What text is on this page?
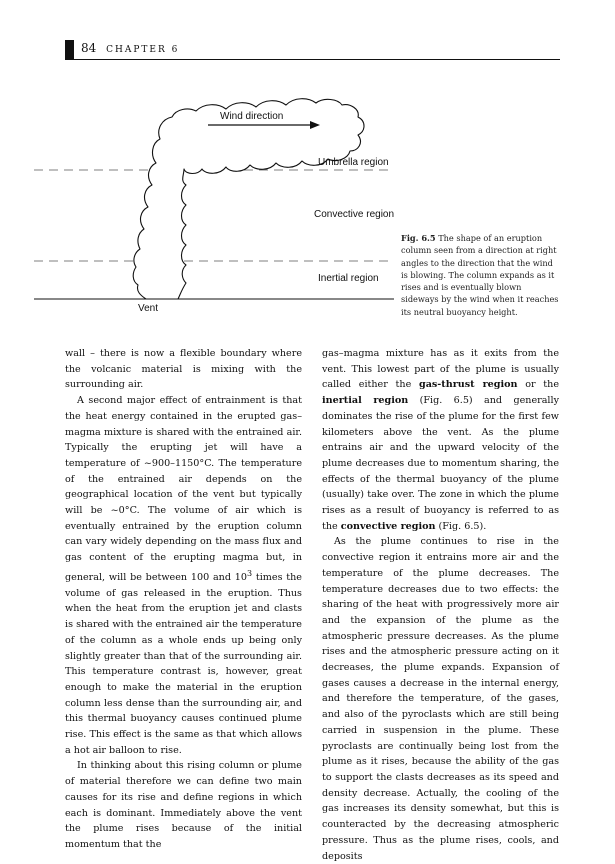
84 CHAPTER 6
Wind direction
Umbrella region
Convective region
Inertial region
Vent
Fig. 6.5 The shape of an eruption column seen from a direction at right angles to the direction that the wind is blowing. The column expands as it rises and is eventually blown sideways by the wind when it reaches its neutral buoyancy height.

wall – there is now a flexible boundary where the volcanic material is mixing with the surrounding air.

A second major effect of entrainment is that the heat energy contained in the erupted gas–magma mixture is shared with the entrained air. Typically the erupting jet will have a temperature of ~900–1150°C. The temperature of the entrained air depends on the geographical location of the vent but typically will be ~0°C. The volume of air which is eventually entrained by the eruption column can vary widely depending on the mass flux and gas content of the erupting magma but, in general, will be between 100 and $10^3$ times the volume of gas released in the eruption. Thus when the heat from the eruption jet and clasts is shared with the entrained air the temperature of the column as a whole ends up being only slightly greater than that of the surrounding air. This temperature contrast is, however, great enough to make the material in the eruption column less dense than the surrounding air, and this thermal buoyancy causes continued plume rise. This effect is the same as that which allows a hot air balloon to rise.

In thinking about this rising column or plume of material therefore we can define two main causes for its rise and define regions in which each is dominant. Immediately above the vent the plume rises because of the initial momentum that the

gas–magma mixture has as it exits from the vent. This lowest part of the plume is usually called either the gas-thrust region or the inertial region (Fig. 6.5) and generally dominates the rise of the plume for the first few kilometers above the vent. As the plume entrains air and the upward velocity of the plume decreases due to momentum sharing, the effects of the thermal buoyancy of the plume (usually) take over. The zone in which the plume rises as a result of buoyancy is referred to as the convective region (Fig. 6.5).

As the plume continues to rise in the convective region it entrains more air and the temperature of the plume decreases. The temperature decreases due to two effects: the sharing of the heat with progressively more air and the expansion of the plume as the atmospheric pressure decreases. As the plume rises and the atmospheric pressure acting on it decreases, the plume expands. Expansion of gases causes a decrease in the internal energy, and therefore the temperature, of the gases, and also of the pyroclasts which are still being carried in suspension in the plume. These pyroclasts are continually being lost from the plume as it rises, because the ability of the gas to support the clasts decreases as its speed and density decrease. Actually, the cooling of the gas increases its density somewhat, but this is counteracted by the decreasing atmospheric pressure. Thus as the plume rises, cools, and deposits
